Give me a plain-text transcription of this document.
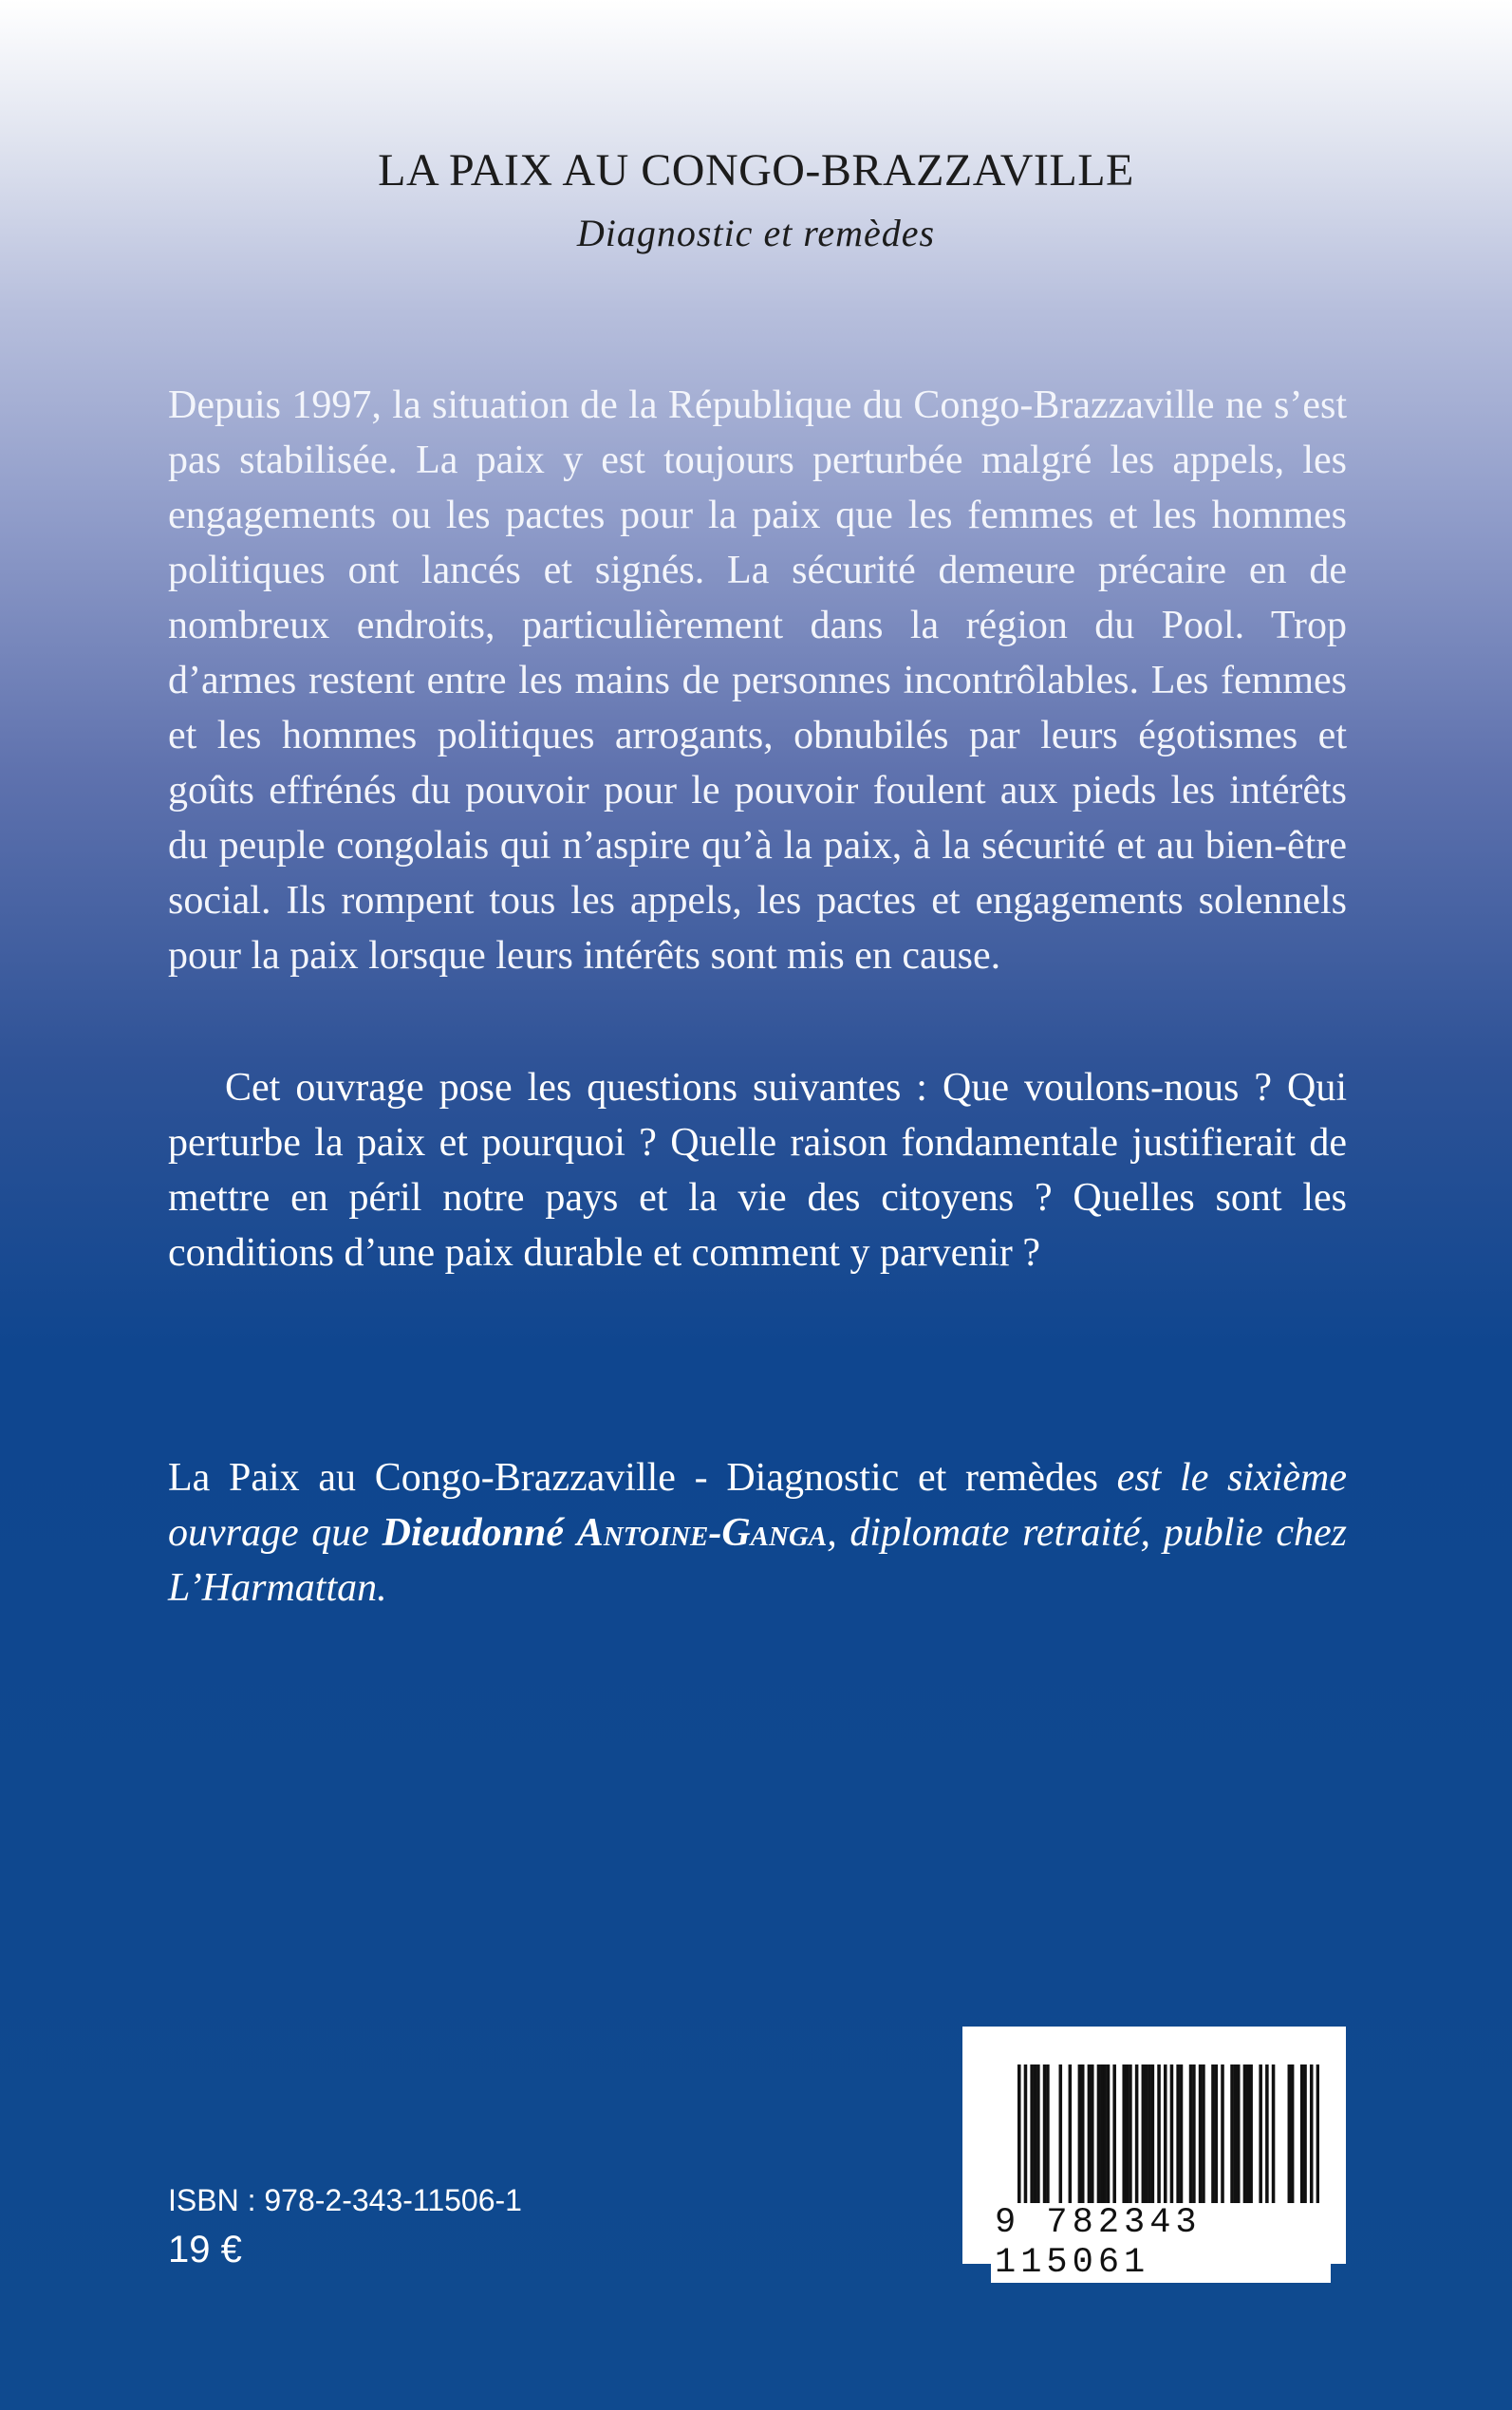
LA PAIX AU CONGO-BRAZZAVILLE

Diagnostic et remèdes

Depuis 1997, la situation de la République du Congo-Brazzaville ne s’est pas stabilisée. La paix y est toujours perturbée malgré les appels, les engagements ou les pactes pour la paix que les femmes et les hommes politiques ont lancés et signés. La sécurité demeure précaire en de nombreux endroits, particulièrement dans la région du Pool. Trop d’armes restent entre les mains de personnes incontrôlables. Les femmes et les hommes politiques arrogants, obnubilés par leurs égotismes et goûts effrénés du pouvoir pour le pouvoir foulent aux pieds les intérêts du peuple congolais qui n’aspire qu’à la paix, à la sécurité et au bien-être social. Ils rompent tous les appels, les pactes et engagements solennels pour la paix lorsque leurs intérêts sont mis en cause.

Cet ouvrage pose les questions suivantes : Que voulons-nous ? Qui perturbe la paix et pourquoi ? Quelle raison fondamentale justifierait de mettre en péril notre pays et la vie des citoyens ? Quelles sont les conditions d’une paix durable et comment y parvenir ?

La Paix au Congo-Brazzaville - Diagnostic et remèdes est le sixième ouvrage que Dieudonné Antoine-Ganga, diplomate retraité, publie chez L’Harmattan.

ISBN : 978-2-343-11506-1

19 €

9 782343 115061
